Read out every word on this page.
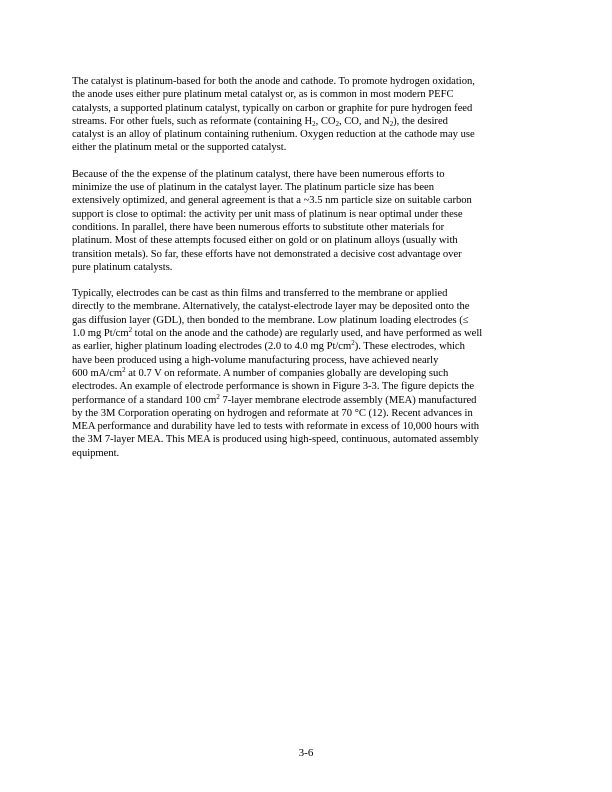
The catalyst is platinum-based for both the anode and cathode. To promote hydrogen oxidation,
the anode uses either pure platinum metal catalyst or, as is common in most modern PEFC
catalysts, a supported platinum catalyst, typically on carbon or graphite for pure hydrogen feed
streams. For other fuels, such as reformate (containing $H_2$, $CO_2$, CO, and $N_2$), the desired
catalyst is an alloy of platinum containing ruthenium. Oxygen reduction at the cathode may use
either the platinum metal or the supported catalyst.

Because of the the expense of the platinum catalyst, there have been numerous efforts to
minimize the use of platinum in the catalyst layer. The platinum particle size has been
extensively optimized, and general agreement is that a ~3.5 nm particle size on suitable carbon
support is close to optimal: the activity per unit mass of platinum is near optimal under these
conditions. In parallel, there have been numerous efforts to substitute other materials for
platinum. Most of these attempts focused either on gold or on platinum alloys (usually with
transition metals). So far, these efforts have not demonstrated a decisive cost advantage over
pure platinum catalysts.

Typically, electrodes can be cast as thin films and transferred to the membrane or applied
directly to the membrane. Alternatively, the catalyst-electrode layer may be deposited onto the
gas diffusion layer (GDL), then bonded to the membrane. Low platinum loading electrodes (≤
1.0 mg $Pt/cm^2$ total on the anode and the cathode) are regularly used, and have performed as well
as earlier, higher platinum loading electrodes (2.0 to 4.0 mg $Pt/cm^2$). These electrodes, which
have been produced using a high-volume manufacturing process, have achieved nearly
600 $mA/cm^2$ at 0.7 V on reformate. A number of companies globally are developing such
electrodes. An example of electrode performance is shown in Figure 3-3. The figure depicts the
performance of a standard 100 $cm^2$ 7-layer membrane electrode assembly (MEA) manufactured
by the 3M Corporation operating on hydrogen and reformate at 70 °C (12). Recent advances in
MEA performance and durability have led to tests with reformate in excess of 10,000 hours with
the 3M 7-layer MEA. This MEA is produced using high-speed, continuous, automated assembly
equipment.

3-6
